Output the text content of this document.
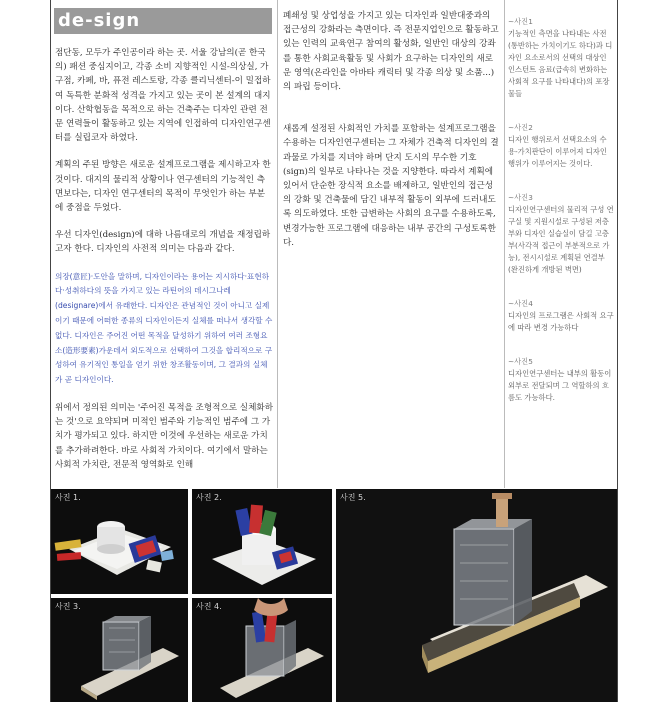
de-sign

점단동, 모두가 주인공이라 하는 곳. 서울 강남의(곧 한국의) 패션 중심지이고, 각종 소비 지향적인 시설-의상실, 가구점, 카페, 바, 퓨전 레스토랑, 각종 클리닉센터-이 밀접하여 독특한 분화적 성격을 가지고 있는 곳이 본 설계의 대지이다. 산학협동을 목적으로 하는 건축주는 디자인 관련 전문 연력들이 활동하고 있는 지역에 인접하여 디자인연구센터를 실립코자 하였다.

계획의 주된 방향은 새로운 설계프로그램을 제시하고자 한 것이다. 대지의 물리적 상황이나 연구센터의 기능적인 측면보다는, 디자인 연구센터의 목적이 무엇인가 하는 부분에 중점을 두었다.

우선 디자인(design)에 대하 나름대로의 개념을 재정립하고자 한다. 디자인의 사전적 의미는 다음과 같다.

의장(意匠)·도안을 말하며, 디자인이라는 용어는 지시하다·표현하다·성취하다의 뜻을 가지고 있는 라틴어의 데시그나레(designare)에서 유래한다. 디자인은 관념적인 것이 아니고 실제이기 때문에 어떠한 종류의 디자인이든지 실체를 떠나서 생각할 수 없다. 디자인은 주어진 어떤 목적을 달성하기 위하여 여러 조형요소(造形要素)가운데서 외도적으로 선택하여 그것을 합리적으로 구성하여 유기적인 통일을 얻기 위한 창조활동이며, 그 결과의 실체가 곧 디자인이다.

위에서 정의된 의미는 '주어진 목적을 조형적으로 실체화하는 것'으로 요약되며 미적인 범주와 기능적인 범주에 그 가치가 평가되고 있다. 하지만 이것에 우선하는 새로운 가치를 추가하려한다. 바로 사회적 가치이다. 여기에서 말하는 사회적 가치란, 전문적 영역화로 인해

폐쇄성 및 상업성을 가지고 있는 디자인과 일반대중과의 접근성의 강화라는 측면이다. 즉 전문지업인으로 활동하고 있는 인력의 교육연구 참여의 활성화, 일반인 대상의 강좌를 통한 사회교육활동 및 사회가 요구하는 디자인의 새로운 영역(온라인을 아바타 캐릭터 및 각종 의상 및 소품...)의 파립 등이다.

새롭게 설정된 사회적인 가치를 포함하는 설계프로그램을 수용하는 디자인연구센터는 그 자체가 건축적 디자인의 결과물로 가치를 지녀야 하며 단지 도시의 무수한 기호(sign)의 일부로 나타나는 것을 지양한다. 따라서 계획에 있어서 단순한 장식적 요소를 배제하고, 일반인의 접근성의 강화 및 건축물에 담긴 내부적 활동이 외부에 드러내도록 의도하였다. 또한 급변하는 사회의 요구를 수용하도록, 변경가능한 프로그램에 대응하는 내부 공간의 구성토록한다.

~사진1
기능적인 측면을 나타내는 사전(통반하는 가치이기도 하다)과 디자인 요소로서의 선택의 대상인 인스턴트 음료(급속히 변화하는 사회적 요구를 나타내다)의 포장물들
~사진2
디자인 행위로서 선택요소의 수용-가치판단이 이루어져 디자인 행위가 이루어지는 것이다.
~사진3
디자인연구센터의 물리적 구성 연구실 및 지원시설로 구성된 저층부와 디자인 실습실이 담길 고층부(사각적 접근이 부분적으로 가능), 전시시설로 계획된 연결부(완진하게 개방된 벽면)
~사진4
디자인의 프로그램은 사회적 요구에 따라 변경 가능하다
~사진5
디자인연구센터는 내부의 활동이 외부로 전달되며 그 역할하의 흐름도 가능하다.
사진 1.	사진 2.
사진 3.	사진 4.
사진 5.
